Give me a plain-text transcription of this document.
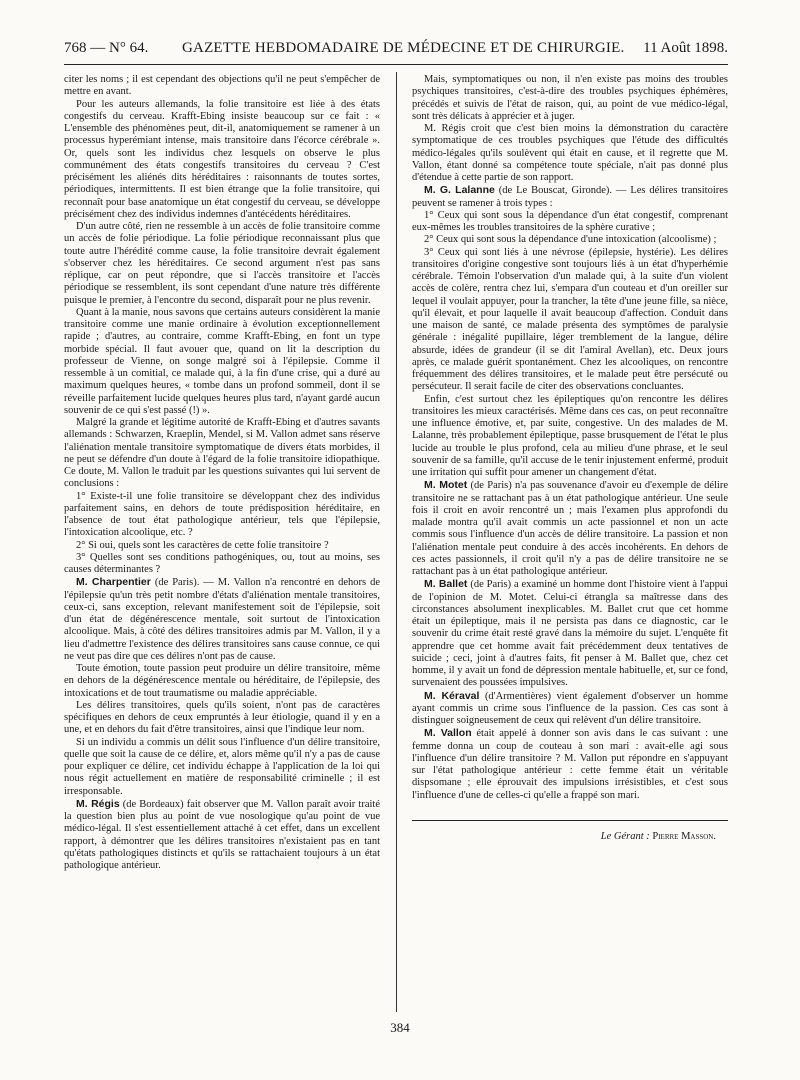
768 — N° 64. GAZETTE HEBDOMADAIRE DE MÉDECINE ET DE CHIRURGIE. 11 Août 1898.

citer les noms ; il est cependant des objections qu'il ne peut s'empêcher de mettre en avant.

Pour les auteurs allemands, la folie transitoire est liée à des états congestifs du cerveau. Krafft-Ebing insiste beaucoup sur ce fait : « L'ensemble des phénomènes peut, dit-il, anatomiquement se ramener à un processus hyperémiant intense, mais transitoire dans l'écorce cérébrale ». Or, quels sont les individus chez lesquels on observe le plus communément des états congestifs transitoires du cerveau ? C'est précisément les aliénés dits héréditaires : raisonnants de toutes sortes, périodiques, intermittents. Il est bien étrange que la folie transitoire, qui reconnaît pour base anatomique un état congestif du cerveau, se développe précisément chez des individus indemnes d'antécédents héréditaires.

D'un autre côté, rien ne ressemble à un accès de folie transitoire comme un accès de folie périodique. La folie périodique reconnaissant plus que toute autre l'hérédité comme cause, la folie transitoire devrait également s'observer chez les héréditaires. Ce second argument n'est pas sans réplique, car on peut répondre, que si l'accès transitoire et l'accès périodique se ressemblent, ils sont cependant d'une nature très différente puisque le premier, à l'encontre du second, disparaît pour ne plus revenir.

Quant à la manie, nous savons que certains auteurs considèrent la manie transitoire comme une manie ordinaire à évolution exceptionnellement rapide ; d'autres, au contraire, comme Krafft-Ebing, en font un type morbide spécial. Il faut avouer que, quand on lit la description du professeur de Vienne, on songe malgré soi à l'épilepsie. Comme il ressemble à un comitial, ce malade qui, à la fin d'une crise, qui a duré au maximum quelques heures, « tombe dans un profond sommeil, dont il se réveille parfaitement lucide quelques heures plus tard, n'ayant gardé aucun souvenir de ce qui s'est passé (!) ».

Malgré la grande et légitime autorité de Krafft-Ebing et d'autres savants allemands : Schwarzen, Kraeplin, Mendel, si M. Vallon admet sans réserve l'aliénation mentale transitoire symptomatique de divers états morbides, il ne peut se défendre d'un doute à l'égard de la folie transitoire idiopathique. Ce doute, M. Vallon le traduit par les questions suivantes qui lui servent de conclusions :

1° Existe-t-il une folie transitoire se développant chez des individus parfaitement sains, en dehors de toute prédisposition héréditaire, en l'absence de tout état pathologique antérieur, tels que l'épilepsie, l'intoxication alcoolique, etc. ?

2° Si oui, quels sont les caractères de cette folie transitoire ?

3° Quelles sont ses conditions pathogéniques, ou, tout au moins, ses causes déterminantes ?

M. Charpentier (de Paris). — M. Vallon n'a rencontré en dehors de l'épilepsie qu'un très petit nombre d'états d'aliénation mentale transitoires, ceux-ci, sans exception, relevant manifestement soit de l'épilepsie, soit d'un état de dégénérescence mentale, soit surtout de l'intoxication alcoolique. Mais, à côté des délires transitoires admis par M. Vallon, il y a lieu d'admettre l'existence des délires transitoires sans cause connue, ce qui ne veut pas dire que ces délires n'ont pas de cause.

Toute émotion, toute passion peut produire un délire transitoire, même en dehors de la dégénérescence mentale ou héréditaire, de l'épilepsie, des intoxications et de tout traumatisme ou maladie appréciable.

Les délires transitoires, quels qu'ils soient, n'ont pas de caractères spécifiques en dehors de ceux empruntés à leur étiologie, quand il y en a une, et en dehors du fait d'être transitoires, ainsi que l'indique leur nom.

Si un individu a commis un délit sous l'influence d'un délire transitoire, quelle que soit la cause de ce délire, et, alors même qu'il n'y a pas de cause pour expliquer ce délire, cet individu échappe à l'application de la loi qui nous régit actuellement en matière de responsabilité criminelle ; il est irresponsable.

M. Régis (de Bordeaux) fait observer que M. Vallon paraît avoir traité la question bien plus au point de vue nosologique qu'au point de vue médico-légal. Il s'est essentiellement attaché à cet effet, dans un excellent rapport, à démontrer que les délires transitoires n'existaient pas en tant qu'états pathologiques distincts et qu'ils se rattachaient toujours à un état pathologique antérieur.

Mais, symptomatiques ou non, il n'en existe pas moins des troubles psychiques transitoires, c'est-à-dire des troubles psychiques éphémères, précédés et suivis de l'état de raison, qui, au point de vue médico-légal, sont très délicats à apprécier et à juger.

M. Régis croit que c'est bien moins la démonstration du caractère symptomatique de ces troubles psychiques que l'étude des difficultés médico-légales qu'ils soulèvent qui était en cause, et il regrette que M. Vallon, étant donné sa compétence toute spéciale, n'ait pas donné plus d'étendue à cette partie de son rapport.

M. G. Lalanne (de Le Bouscat, Gironde). — Les délires transitoires peuvent se ramener à trois types :

1° Ceux qui sont sous la dépendance d'un état congestif, comprenant eux-mêmes les troubles transitoires de la sphère curative ;

2° Ceux qui sont sous la dépendance d'une intoxication (alcoolisme) ;

3° Ceux qui sont liés à une névrose (épilepsie, hystérie). Les délires transitoires d'origine congestive sont toujours liés à un état d'hyperhémie cérébrale. Témoin l'observation d'un malade qui, à la suite d'un violent accès de colère, rentra chez lui, s'empara d'un couteau et d'un oreiller sur lequel il voulait appuyer, pour la trancher, la tête d'une jeune fille, sa nièce, qu'il élevait, et pour laquelle il avait beaucoup d'affection. Conduit dans une maison de santé, ce malade présenta des symptômes de paralysie générale : inégalité pupillaire, léger tremblement de la langue, délire absurde, idées de grandeur (il se dit l'amiral Avellan), etc. Deux jours après, ce malade guérit spontanément. Chez les alcooliques, on rencontre fréquemment des délires transitoires, et le malade peut être persécuté ou persécuteur. Il serait facile de citer des observations concluantes.

Enfin, c'est surtout chez les épileptiques qu'on rencontre les délires transitoires les mieux caractérisés. Même dans ces cas, on peut reconnaître une influence émotive, et, par suite, congestive. Un des malades de M. Lalanne, très probablement épileptique, passe brusquement de l'état le plus lucide au trouble le plus profond, cela au milieu d'une phrase, et le seul souvenir de sa famille, qu'il accuse de le tenir injustement enfermé, produit une irritation qui suffit pour amener un changement d'état.

M. Motet (de Paris) n'a pas souvenance d'avoir eu d'exemple de délire transitoire ne se rattachant pas à un état pathologique antérieur. Une seule fois il croit en avoir rencontré un ; mais l'examen plus approfondi du malade montra qu'il avait commis un acte passionnel et non un acte commis sous l'influence d'un accès de délire transitoire. La passion et non l'aliénation mentale peut conduire à des accès incohérents. En dehors de ces actes passionnels, il croit qu'il n'y a pas de délire transitoire ne se rattachant pas à un état pathologique antérieur.

M. Ballet (de Paris) a examiné un homme dont l'histoire vient à l'appui de l'opinion de M. Motet. Celui-ci étrangla sa maîtresse dans des circonstances absolument inexplicables. M. Ballet crut que cet homme était un épileptique, mais il ne persista pas dans ce diagnostic, car le souvenir du crime était resté gravé dans la mémoire du sujet. L'enquête fit apprendre que cet homme avait fait précédemment deux tentatives de suicide ; ceci, joint à d'autres faits, fit penser à M. Ballet que, chez cet homme, il y avait un fond de dépression mentale habituelle, et, sur ce fond, survenaient des poussées impulsives.

M. Kéraval (d'Armentières) vient également d'observer un homme ayant commis un crime sous l'influence de la passion. Ces cas sont à distinguer soigneusement de ceux qui relèvent d'un délire transitoire.

M. Vallon était appelé à donner son avis dans le cas suivant : une femme donna un coup de couteau à son mari : avait-elle agi sous l'influence d'un délire transitoire ? M. Vallon put répondre en s'appuyant sur l'état pathologique antérieur : cette femme était un véritable dispsomane ; elle éprouvait des impulsions irrésistibles, et c'est sous l'influence d'une de celles-ci qu'elle a frappé son mari.

Le Gérant : Pierre Masson.

384
